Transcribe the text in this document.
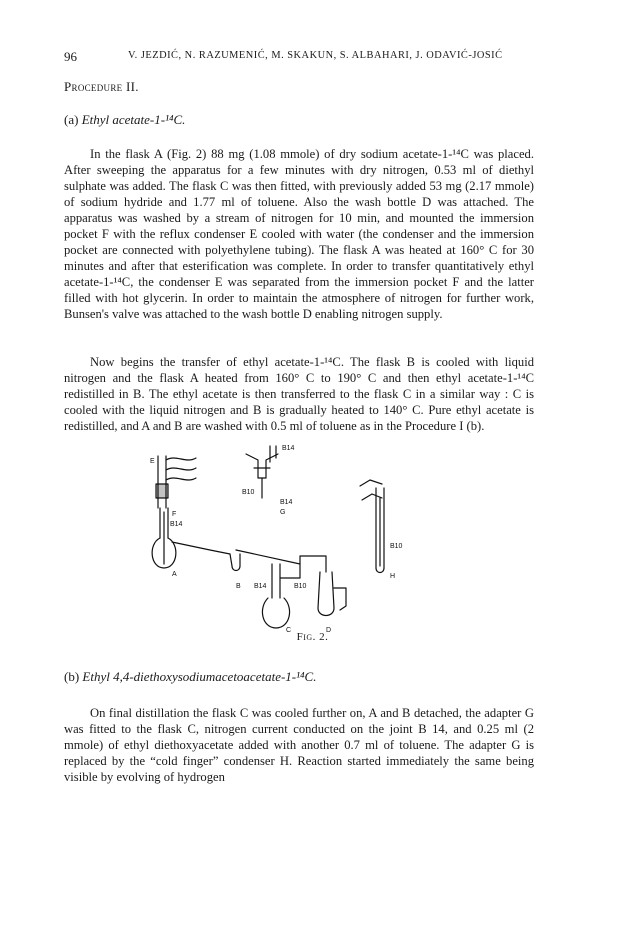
96	V. JEZDIĆ, N. RAZUMENIĆ, M. SKAKUN, S. ALBAHARI, J. ODAVIĆ-JOSIĆ
Procedure II.
(a) Ethyl acetate-1-¹⁴C.

In the flask A (Fig. 2) 88 mg (1.08 mmole) of dry sodium acetate-1-¹⁴C was placed. After sweeping the apparatus for a few minutes with dry nitrogen, 0.53 ml of diethyl sulphate was added. The flask C was then fitted, with previously added 53 mg (2.17 mmole) of sodium hydride and 1.77 ml of toluene. Also the wash bottle D was attached. The apparatus was washed by a stream of nitrogen for 10 min, and mounted the immersion pocket F with the reflux condenser E cooled with water (the condenser and the immersion pocket are connected with polyethylene tubing). The flask A was heated at 160° C for 30 minutes and after that esterification was complete. In order to transfer quantitatively ethyl acetate-1-¹⁴C, the condenser E was separated from the immersion pocket F and the latter filled with hot glycerin. In order to maintain the atmosphere of nitrogen for further work, Bunsen's valve was attached to the wash bottle D enabling nitrogen supply.

Now begins the transfer of ethyl acetate-1-¹⁴C. The flask B is cooled with liquid nitrogen and the flask A heated from 160° C to 190° C and then ethyl acetate-1-¹⁴C redistilled in B. The ethyl acetate is then transferred to the flask C in a similar way : C is cooled with the liquid nitrogen and B is gradually heated to 140° C. Pure ethyl acetate is redistilled, and A and B are washed with 0.5 ml of toluene as in the Procedure I (b).

E
F
B14
A
B14
B10
B14
G
B B14	B10
C	D
B10
H
Fig. 2.
(b) Ethyl 4,4-diethoxysodiumacetoacetate-1-¹⁴C.

On final distillation the flask C was cooled further on, A and B detached, the adapter G was fitted to the flask C, nitrogen current conducted on the joint B 14, and 0.25 ml (2 mmole) of ethyl diethoxyacetate added with another 0.7 ml of toluene. The adapter G is replaced by the “cold finger” condenser H. Reaction started immediately the same being visible by evolving of hydrogen
